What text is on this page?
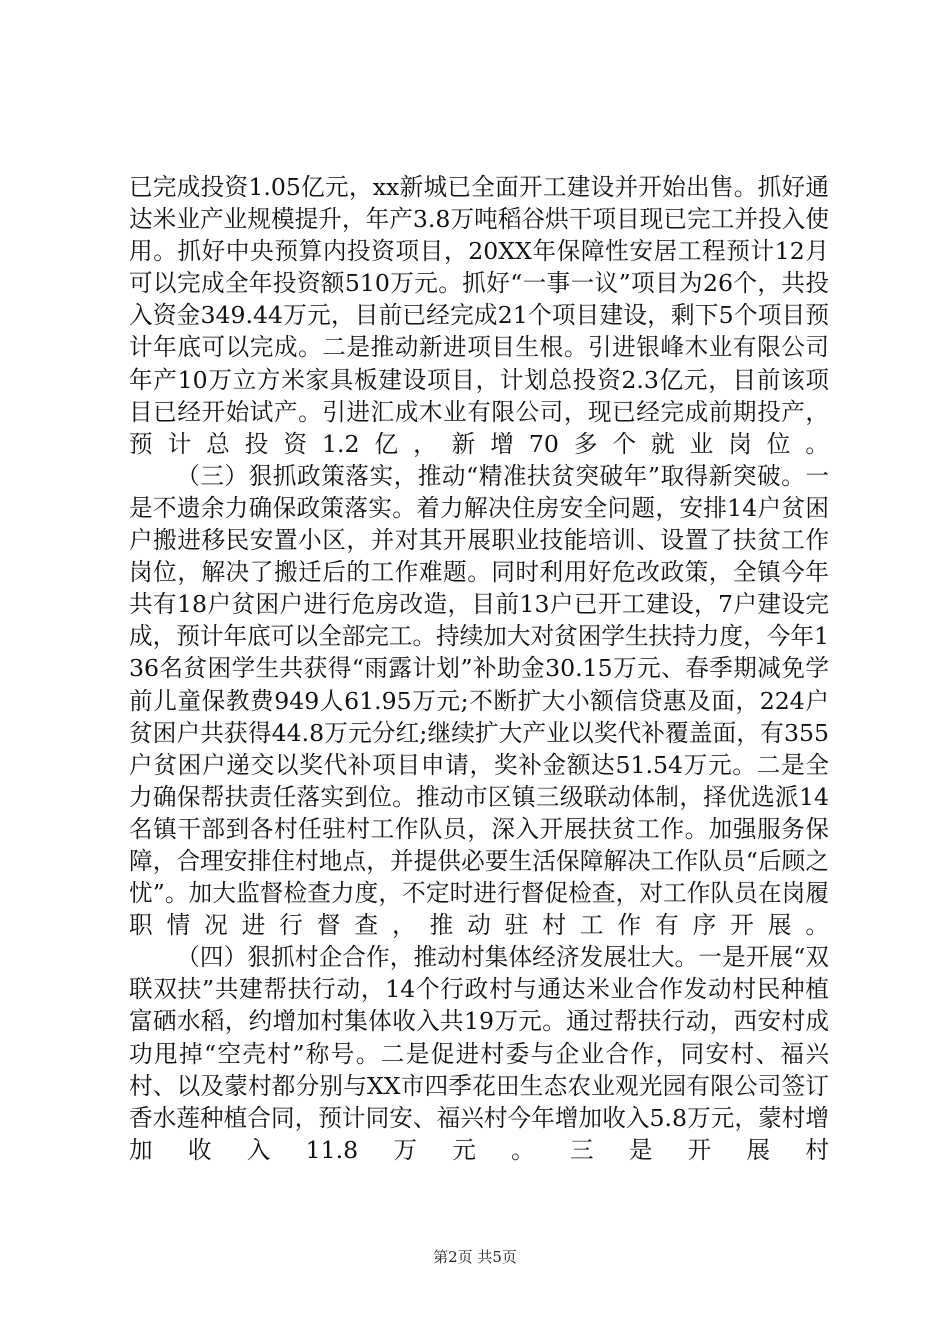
已完成投资1.05亿元，xx新城已全面开工建设并开始出售。抓好通达米业产业规模提升，年产3.8万吨稻谷烘干项目现已完工并投入使用。抓好中央预算内投资项目，20XX年保障性安居工程预计12月可以完成全年投资额510万元。抓好“一事一议”项目为26个，共投入资金349.44万元，目前已经完成21个项目建设，剩下5个项目预计年底可以完成。二是推动新进项目生根。引进银峰木业有限公司年产10万立方米家具板建设项目，计划总投资2.3亿元，目前该项目已经开始试产。引进汇成木业有限公司，现已经完成前期投产，预计总投资1.2亿，新增70多个就业岗位。

（三）狠抓政策落实，推动“精准扶贫突破年”取得新突破。一是不遗余力确保政策落实。着力解决住房安全问题，安排14户贫困户搬进移民安置小区，并对其开展职业技能培训、设置了扶贫工作岗位，解决了搬迁后的工作难题。同时利用好危改政策，全镇今年共有18户贫困户进行危房改造，目前13户已开工建设，7户建设完成，预计年底可以全部完工。持续加大对贫困学生扶持力度，今年136名贫困学生共获得“雨露计划”补助金30.15万元、春季期减免学前儿童保教费949人61.95万元;不断扩大小额信贷惠及面，224户贫困户共获得44.8万元分红;继续扩大产业以奖代补覆盖面，有355户贫困户递交以奖代补项目申请，奖补金额达51.54万元。二是全力确保帮扶责任落实到位。推动市区镇三级联动体制，择优选派14名镇干部到各村任驻村工作队员，深入开展扶贫工作。加强服务保障，合理安排住村地点，并提供必要生活保障解决工作队员“后顾之忧”。加大监督检查力度，不定时进行督促检查，对工作队员在岗履职情况进行督查，推动驻村工作有序开展。

（四）狠抓村企合作，推动村集体经济发展壮大。一是开展“双联双扶”共建帮扶行动，14个行政村与通达米业合作发动村民种植富硒水稻，约增加村集体收入共19万元。通过帮扶行动，西安村成功甩掉“空壳村”称号。二是促进村委与企业合作，同安村、福兴村、以及蒙村都分别与XX市四季花田生态农业观光园有限公司签订香水莲种植合同，预计同安、福兴村今年增加收入5.8万元，蒙村增加收入11.8万元。三是开展村

第2页 共5页
